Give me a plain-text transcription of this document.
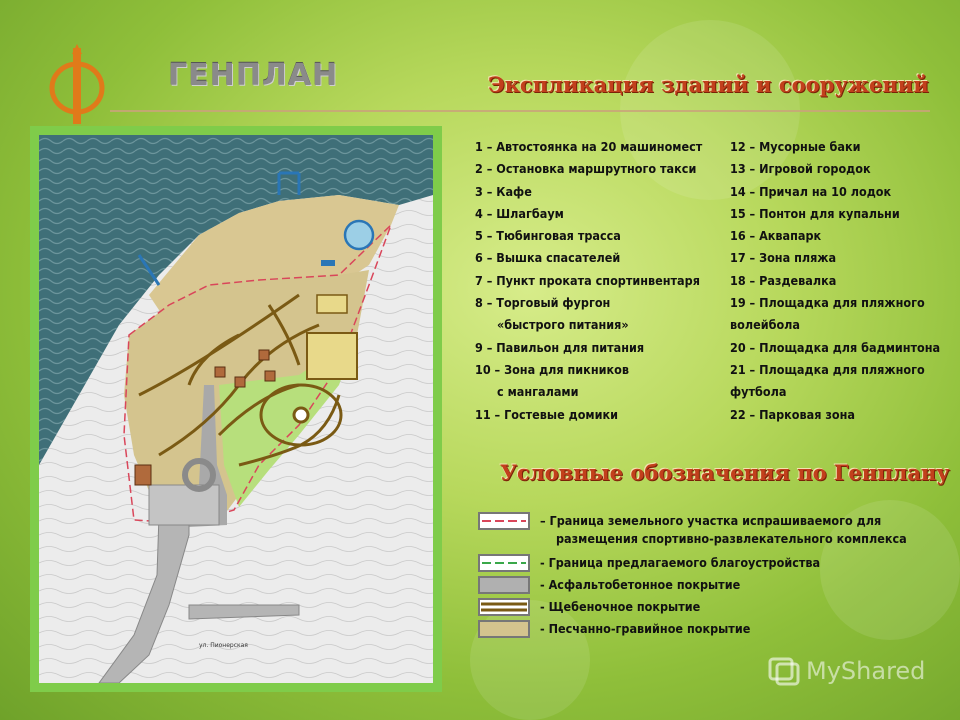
ГЕНПЛАН	Экспликация зданий и сооружений
ул. Пионерская
1 – Автостоянка на 20 машиномест
2 – Остановка маршрутного такси
3 – Кафе
4 – Шлагбаум
5 – Тюбинговая трасса
6 – Вышка спасателей
7 – Пункт проката спортинвентаря
8 – Торговый фургон
«быстрого питания»
9 – Павильон для питания
10 – Зона для пикников
с мангалами
11 – Гостевые домики
12 – Мусорные баки
13 – Игровой городок
14 – Причал на 10 лодок
15 – Понтон для купальни
16 – Аквапарк
17 – Зона пляжа
18 – Раздевалка
19 – Площадка для пляжного
волейбола
20 – Площадка для бадминтона
21 – Площадка для пляжного
футбола
22 – Парковая зона
Условные обозначения по Генплану
– Граница земельного участка испрашиваемого для
размещения спортивно-развлекательного комплекса
- Граница предлагаемого благоустройства
- Асфальтобетонное покрытие
- Щебеночное покрытие
- Песчанно-гравийное покрытие
MyShared
